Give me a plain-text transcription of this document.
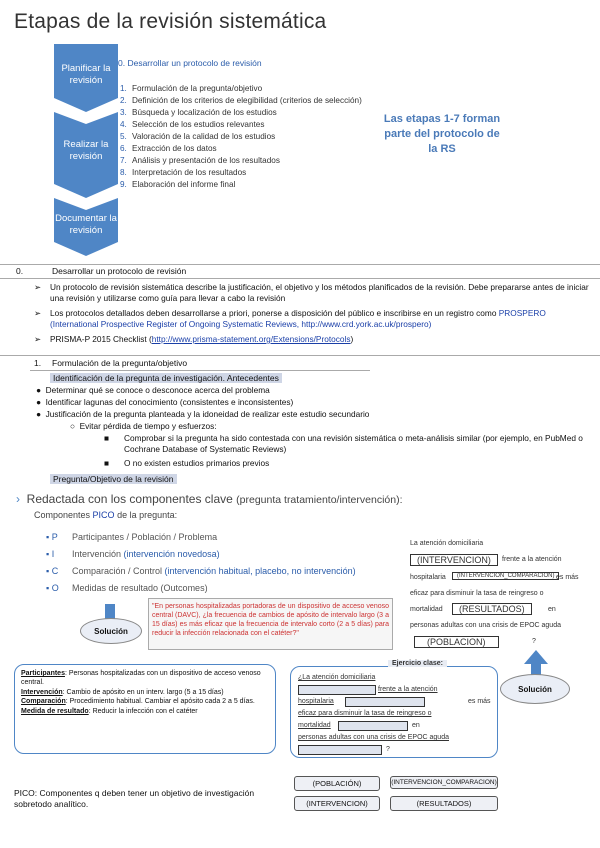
Etapas de la revisión sistemática
Planificar la revisión
Realizar la revisión
Documentar la revisión
0. Desarrollar un protocolo de revisión
1. Formulación de la pregunta/objetivo
2. Definición de los criterios de elegibilidad (criterios de selección)
3. Búsqueda y localización de los estudios
4. Selección de los estudios relevantes
5. Valoración de la calidad de los estudios
6. Extracción de los datos
7. Análisis y presentación de los resultados
8. Interpretación de los resultados
9. Elaboración del informe final
Las etapas 1-7 forman parte del protocolo de la RS
0.	Desarrollar un protocolo de revisión
➢ Un protocolo de revisión sistemática describe la justificación, el objetivo y los métodos planificados de la revisión. Debe prepararse antes de iniciar una revisión y utilizarse como guía para llevar a cabo la revisión
➢ Los protocolos detallados deben desarrollarse a priori, ponerse a disposición del público e inscribirse en un registro como PROSPERO (International Prospective Register of Ongoing Systematic Reviews, http://www.crd.york.ac.uk/prospero)
➢ PRISMA-P 2015 Checklist (http://www.prisma-statement.org/Extensions/Protocols)
1. Formulación de la pregunta/objetivo
Identificación de la pregunta de investigación. Antecedentes
●  Determinar qué se conoce o desconoce acerca del problema
●  Identificar lagunas del conocimiento (consistentes e inconsistentes)
●  Justificación de la pregunta planteada y la idoneidad de realizar este estudio secundario
○  Evitar pérdida de tiempo y esfuerzos:
■ Comprobar si la pregunta ha sido contestada con una revisión sistemática o meta-análisis similar (por ejemplo, en PubMed o Cochrane Database of Systematic Reviews)
■ O no existen estudios primarios previos
Pregunta/Objetivo de la revisión
› Redactada con los componentes clave (pregunta tratamiento/intervención):
Componentes PICO de la pregunta:
▪ P Participantes / Población / Problema
▪ I Intervención (intervención novedosa)
▪ C Comparación / Control (intervención habitual, placebo, no intervención)
▪ O Medidas de resultado (Outcomes)
"En personas hospitalizadas portadoras de un dispositivo de acceso venoso central (DAVC), ¿la frecuencia de cambios de apósito de intervalo largo (3 a 15 días) es más eficaz que la frecuencia de intervalo corto (2 a 5 días) para reducir la infección relacionada con el catéter?"
Solución
Participantes: Personas hospitalizadas con un dispositivo de acceso venoso central.
Intervención: Cambio de apósito en un interv. largo (5 a 15 días)
Comparación: Procedimiento habitual. Cambiar el apósito cada 2 a 5 días.
Medida de resultado: Reducir la infección con el catéter
La atención domiciliaria
(INTERVENCION)	frente a la atención
hospitalaria	(INTERVENCION_COMPARACION) es más
eficaz para disminuir la tasa de reingreso o
mortalidad	(RESULTADOS)	en
personas adultas con una crisis de EPOC aguda
(POBLACION)	?
Ejercicio clase:
¿La atención domiciliaria
frente a la atención
hospitalaria	es más
eficaz para disminuir la tasa de reingreso o
mortalidad	en
personas adultas con una crisis de EPOC aguda
?
Solución
PICO: Componentes q deben tener un objetivo de investigación sobretodo analítico.
(POBLACIÓN)	(INTERVENCION_COMPARACION)
(INTERVENCION)	(RESULTADOS)
